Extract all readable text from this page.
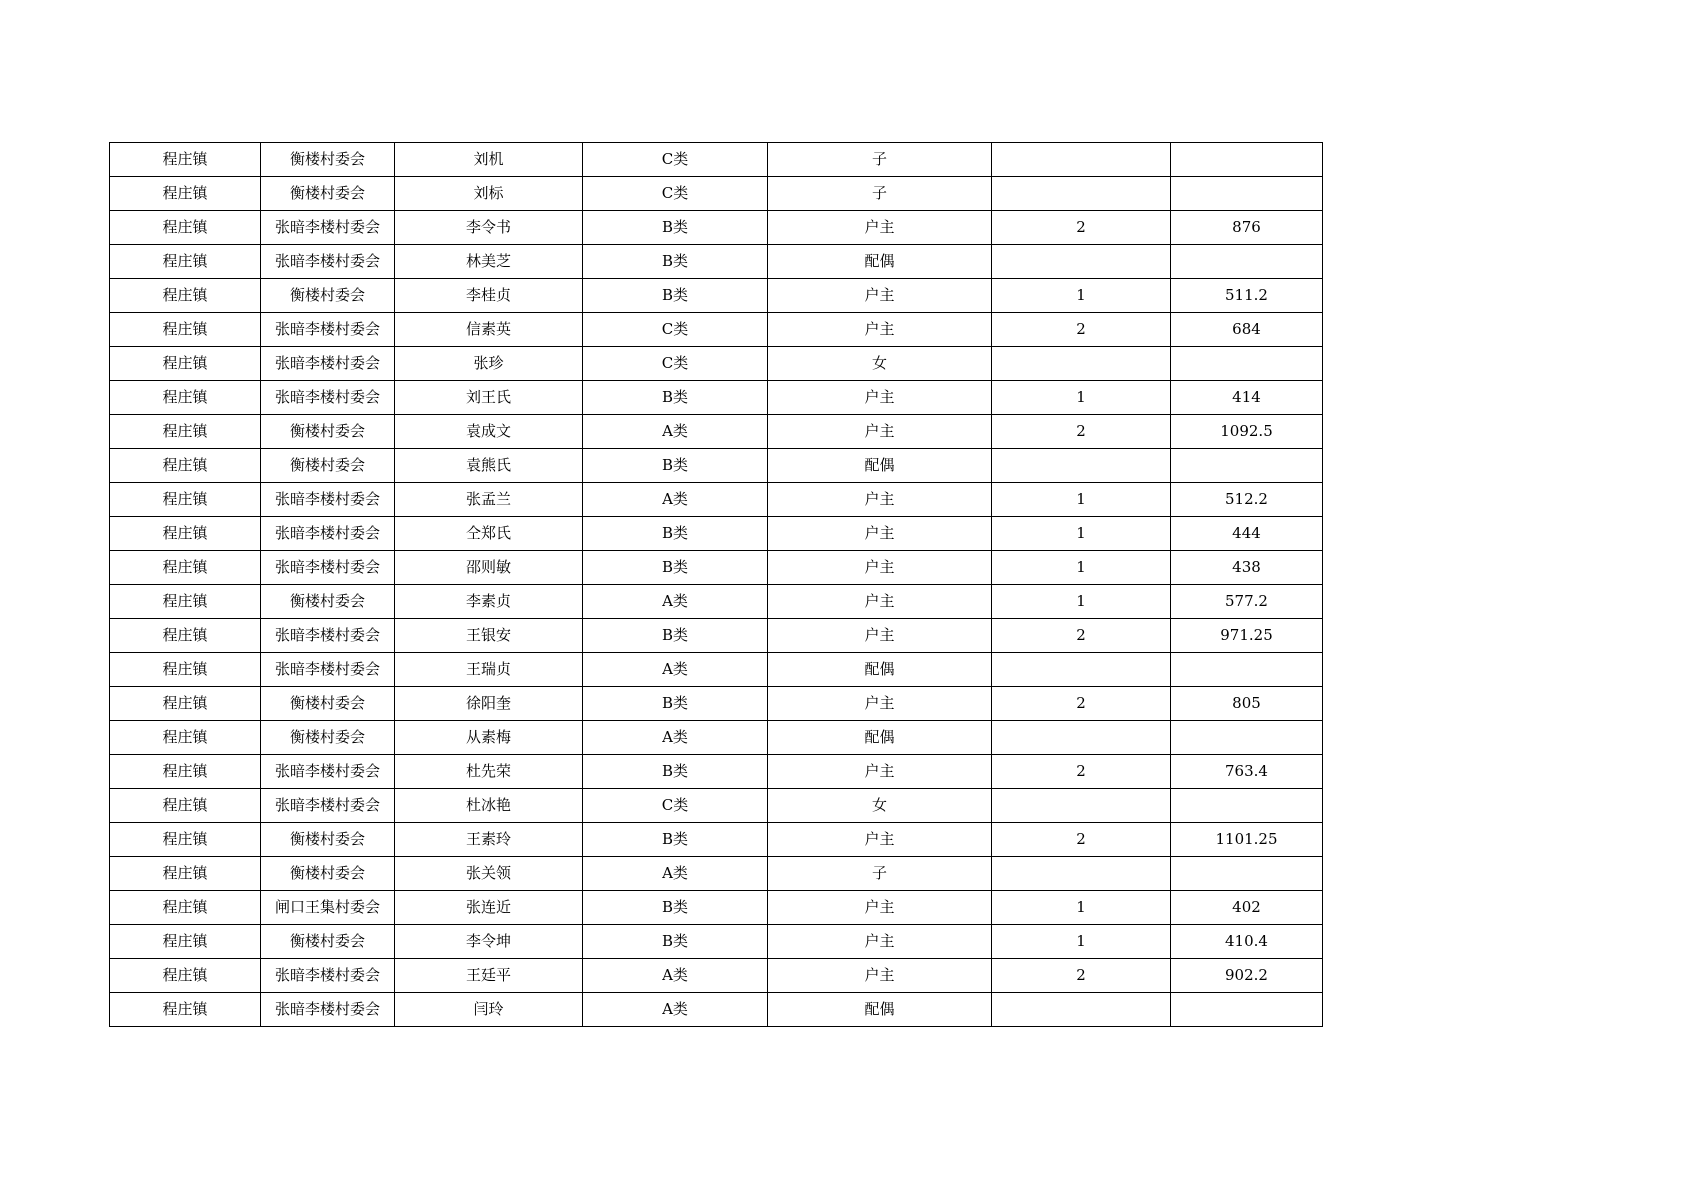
程庄镇	衡楼村委会	刘机	C类	子		
程庄镇	衡楼村委会	刘标	C类	子		
程庄镇	张暗李楼村委会	李令书	B类	户主	2	876
程庄镇	张暗李楼村委会	林美芝	B类	配偶		
程庄镇	衡楼村委会	李桂贞	B类	户主	1	511.2
程庄镇	张暗李楼村委会	信素英	C类	户主	2	684
程庄镇	张暗李楼村委会	张珍	C类	女		
程庄镇	张暗李楼村委会	刘王氏	B类	户主	1	414
程庄镇	衡楼村委会	袁成文	A类	户主	2	1092.5
程庄镇	衡楼村委会	袁熊氏	B类	配偶		
程庄镇	张暗李楼村委会	张孟兰	A类	户主	1	512.2
程庄镇	张暗李楼村委会	仝郑氏	B类	户主	1	444
程庄镇	张暗李楼村委会	邵则敏	B类	户主	1	438
程庄镇	衡楼村委会	李素贞	A类	户主	1	577.2
程庄镇	张暗李楼村委会	王银安	B类	户主	2	971.25
程庄镇	张暗李楼村委会	王瑞贞	A类	配偶		
程庄镇	衡楼村委会	徐阳奎	B类	户主	2	805
程庄镇	衡楼村委会	从素梅	A类	配偶		
程庄镇	张暗李楼村委会	杜先荣	B类	户主	2	763.4
程庄镇	张暗李楼村委会	杜冰艳	C类	女		
程庄镇	衡楼村委会	王素玲	B类	户主	2	1101.25
程庄镇	衡楼村委会	张关领	A类	子		
程庄镇	闸口王集村委会	张连近	B类	户主	1	402
程庄镇	衡楼村委会	李令坤	B类	户主	1	410.4
程庄镇	张暗李楼村委会	王廷平	A类	户主	2	902.2
程庄镇	张暗李楼村委会	闫玲	A类	配偶		
